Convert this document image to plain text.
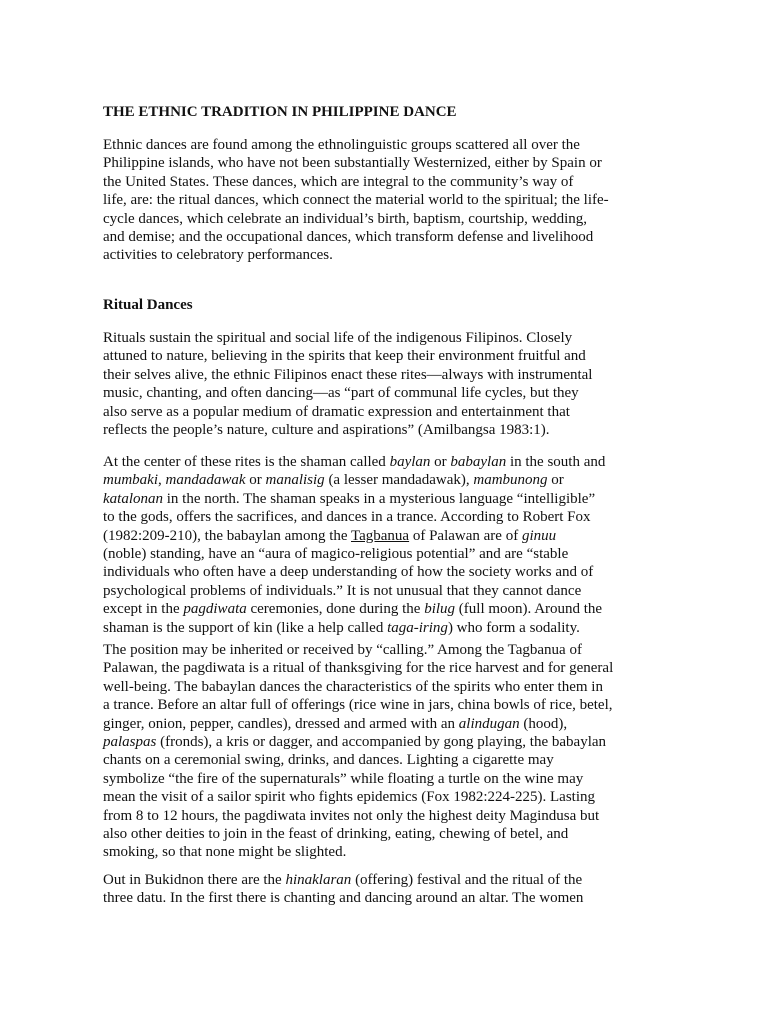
THE ETHNIC TRADITION IN PHILIPPINE DANCE
Ethnic dances are found among the ethnolinguistic groups scattered all over the
Philippine islands, who have not been substantially Westernized, either by Spain or
the United States. These dances, which are integral to the community’s way of
life, are: the ritual dances, which connect the material world to the spiritual; the life-
cycle dances, which celebrate an individual’s birth, baptism, courtship, wedding,
and demise; and the occupational dances, which transform defense and livelihood
activities to celebratory performances.
Ritual Dances
Rituals sustain the spiritual and social life of the indigenous Filipinos. Closely
attuned to nature, believing in the spirits that keep their environment fruitful and
their selves alive, the ethnic Filipinos enact these rites—always with instrumental
music, chanting, and often dancing—as “part of communal life cycles, but they
also serve as a popular medium of dramatic expression and entertainment that
reflects the people’s nature, culture and aspirations” (Amilbangsa 1983:1).
At the center of these rites is the shaman called baylan or babaylan in the south and
mumbaki, mandadawak or manalisig (a lesser mandadawak), mambunong or
katalonan in the north. The shaman speaks in a mysterious language “intelligible”
to the gods, offers the sacrifices, and dances in a trance. According to Robert Fox
(1982:209-210), the babaylan among the Tagbanua of Palawan are of ginuu
(noble) standing, have an “aura of magico-religious potential” and are “stable
individuals who often have a deep understanding of how the society works and of
psychological problems of individuals.” It is not unusual that they cannot dance
except in the pagdiwata ceremonies, done during the bilug (full moon). Around the
shaman is the support of kin (like a help called taga-iring) who form a sodality.
The position may be inherited or received by “calling.” Among the Tagbanua of
Palawan, the pagdiwata is a ritual of thanksgiving for the rice harvest and for general
well-being. The babaylan dances the characteristics of the spirits who enter them in
a trance. Before an altar full of offerings (rice wine in jars, china bowls of rice, betel,
ginger, onion, pepper, candles), dressed and armed with an alindugan (hood),
palaspas (fronds), a kris or dagger, and accompanied by gong playing, the babaylan
chants on a ceremonial swing, drinks, and dances. Lighting a cigarette may
symbolize “the fire of the supernaturals” while floating a turtle on the wine may
mean the visit of a sailor spirit who fights epidemics (Fox 1982:224-225). Lasting
from 8 to 12 hours, the pagdiwata invites not only the highest deity Magindusa but
also other deities to join in the feast of drinking, eating, chewing of betel, and
smoking, so that none might be slighted.
Out in Bukidnon there are the hinaklaran (offering) festival and the ritual of the
three datu. In the first there is chanting and dancing around an altar. The women
